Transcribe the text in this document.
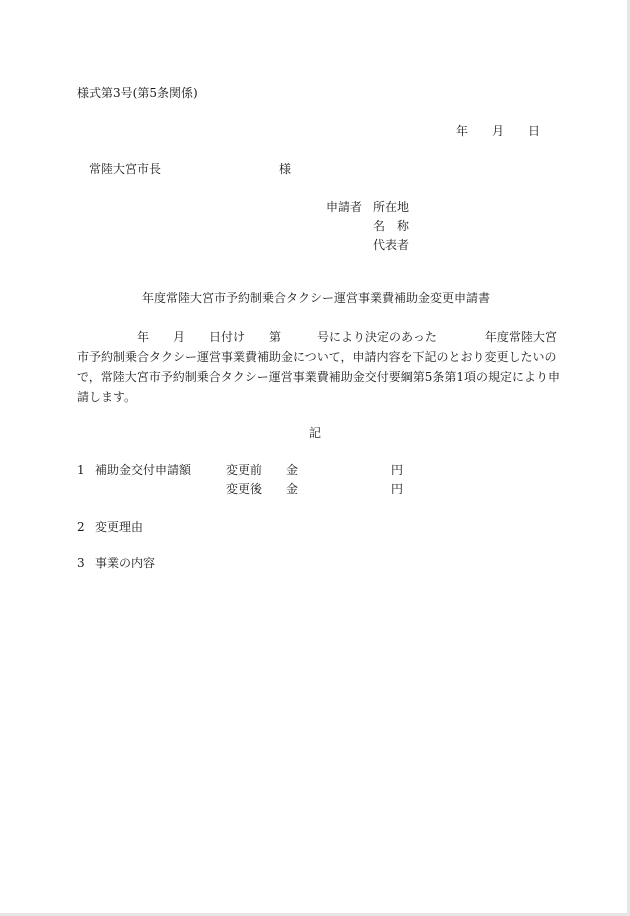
様式第3号(第5条関係)
年 月 日
常陸大宮市長	様
申請者 所在地
名　称
代表者
年度常陸大宮市予約制乗合タクシー運営事業費補助金変更申請書
　　　　　年　　月　　日付け　　第　　　号により決定のあった　　　　年度常陸大宮
市予約制乗合タクシー運営事業費補助金について，申請内容を下記のとおり変更したいの
で，常陸大宮市予約制乗合タクシー運営事業費補助金交付要綱第5条第1項の規定により申
請します。
記
1 補助金交付申請額	変更前 金	円
変更後 金	円
2 変更理由
3 事業の内容
